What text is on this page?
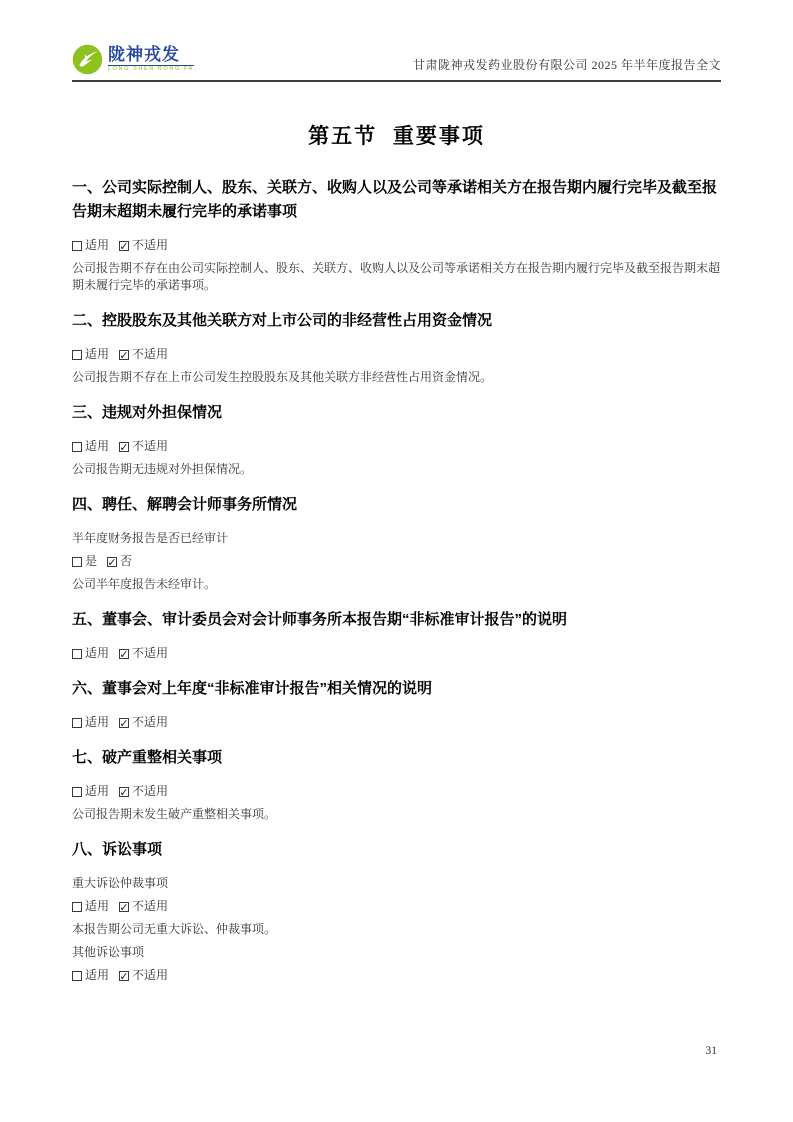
陇神戎发
LONG SHEN RONG FA	甘肃陇神戎发药业股份有限公司 2025 年半年度报告全文
第五节 重要事项
一、公司实际控制人、股东、关联方、收购人以及公司等承诺相关方在报告期内履行完毕及截至报告期末超期未履行完毕的承诺事项

适用 ✓ 不适用

公司报告期不存在由公司实际控制人、股东、关联方、收购人以及公司等承诺相关方在报告期内履行完毕及截至报告期末超期未履行完毕的承诺事项。

二、控股股东及其他关联方对上市公司的非经营性占用资金情况

适用 ✓ 不适用

公司报告期不存在上市公司发生控股股东及其他关联方非经营性占用资金情况。

三、违规对外担保情况

适用 ✓ 不适用

公司报告期无违规对外担保情况。

四、聘任、解聘会计师事务所情况

半年度财务报告是否已经审计

是 ✓ 否

公司半年度报告未经审计。

五、董事会、审计委员会对会计师事务所本报告期“非标准审计报告”的说明

适用 ✓ 不适用

六、董事会对上年度“非标准审计报告”相关情况的说明

适用 ✓ 不适用

七、破产重整相关事项

适用 ✓ 不适用

公司报告期未发生破产重整相关事项。

八、诉讼事项

重大诉讼仲裁事项

适用 ✓ 不适用

本报告期公司无重大诉讼、仲裁事项。

其他诉讼事项

适用 ✓ 不适用

31
